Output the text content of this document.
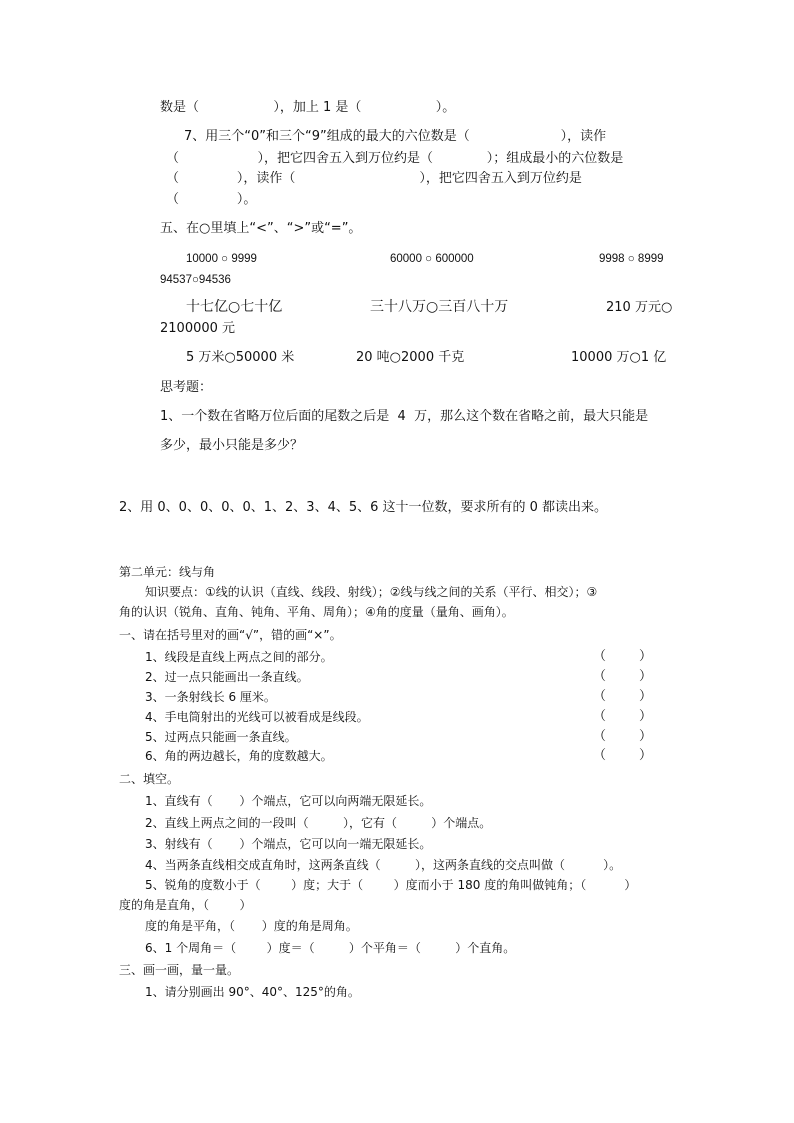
数是（                  ），加上 1 是（                  ）。
7、用三个“0”和三个“9”组成的最大的六位数是（                      ），读作
（                   ），把它四舍五入到万位约是（             ）；组成最小的六位数是
（              ），读作（                              ），把它四舍五入到万位约是
（              ）。
五、在○里填上“<”、“>”或“=”。
10000 ○ 9999	60000 ○ 600000	9998 ○ 8999
94537○94536
十七亿○七十亿	三十八万○三百八十万	210 万元○
2100000 元
5 万米○50000 米	20 吨○2000 千克	10000 万○1 亿
思考题：
1、一个数在省略万位后面的尾数之后是  4  万，那么这个数在省略之前，最大只能是
多少，最小只能是多少？
2、用 0、0、0、0、0、1、2、3、4、5、6 这十一位数，要求所有的 0 都读出来。
第二单元：线与角
知识要点：①线的认识（直线、线段、射线）；②线与线之间的关系（平行、相交）；③
角的认识（锐角、直角、钝角、平角、周角）；④角的度量（量角、画角）。
一、请在括号里对的画“√”，错的画“×”。
1、线段是直线上两点之间的部分。	（        ）
2、过一点只能画出一条直线。	（        ）
3、一条射线长 6 厘米。	（        ）
4、手电筒射出的光线可以被看成是线段。	（        ）
5、过两点只能画一条直线。	（        ）
6、角的两边越长，角的度数越大。	（        ）
二、填空。
1、直线有（       ）个端点，它可以向两端无限延长。
2、直线上两点之间的一段叫（         ），它有（         ）个端点。
3、射线有（       ）个端点，它可以向一端无限延长。
4、当两条直线相交成直角时，这两条直线（         ），这两条直线的交点叫做（          ）。
5、锐角的度数小于（        ）度；大于（        ）度而小于 180 度的角叫做钝角；（          ）
度的角是直角，（        ）
度的角是平角，（       ）度的角是周角。
6、1 个周角＝（        ）度＝（         ）个平角＝（         ）个直角。
三、画一画，量一量。
1、请分别画出 90°、40°、125°的角。
